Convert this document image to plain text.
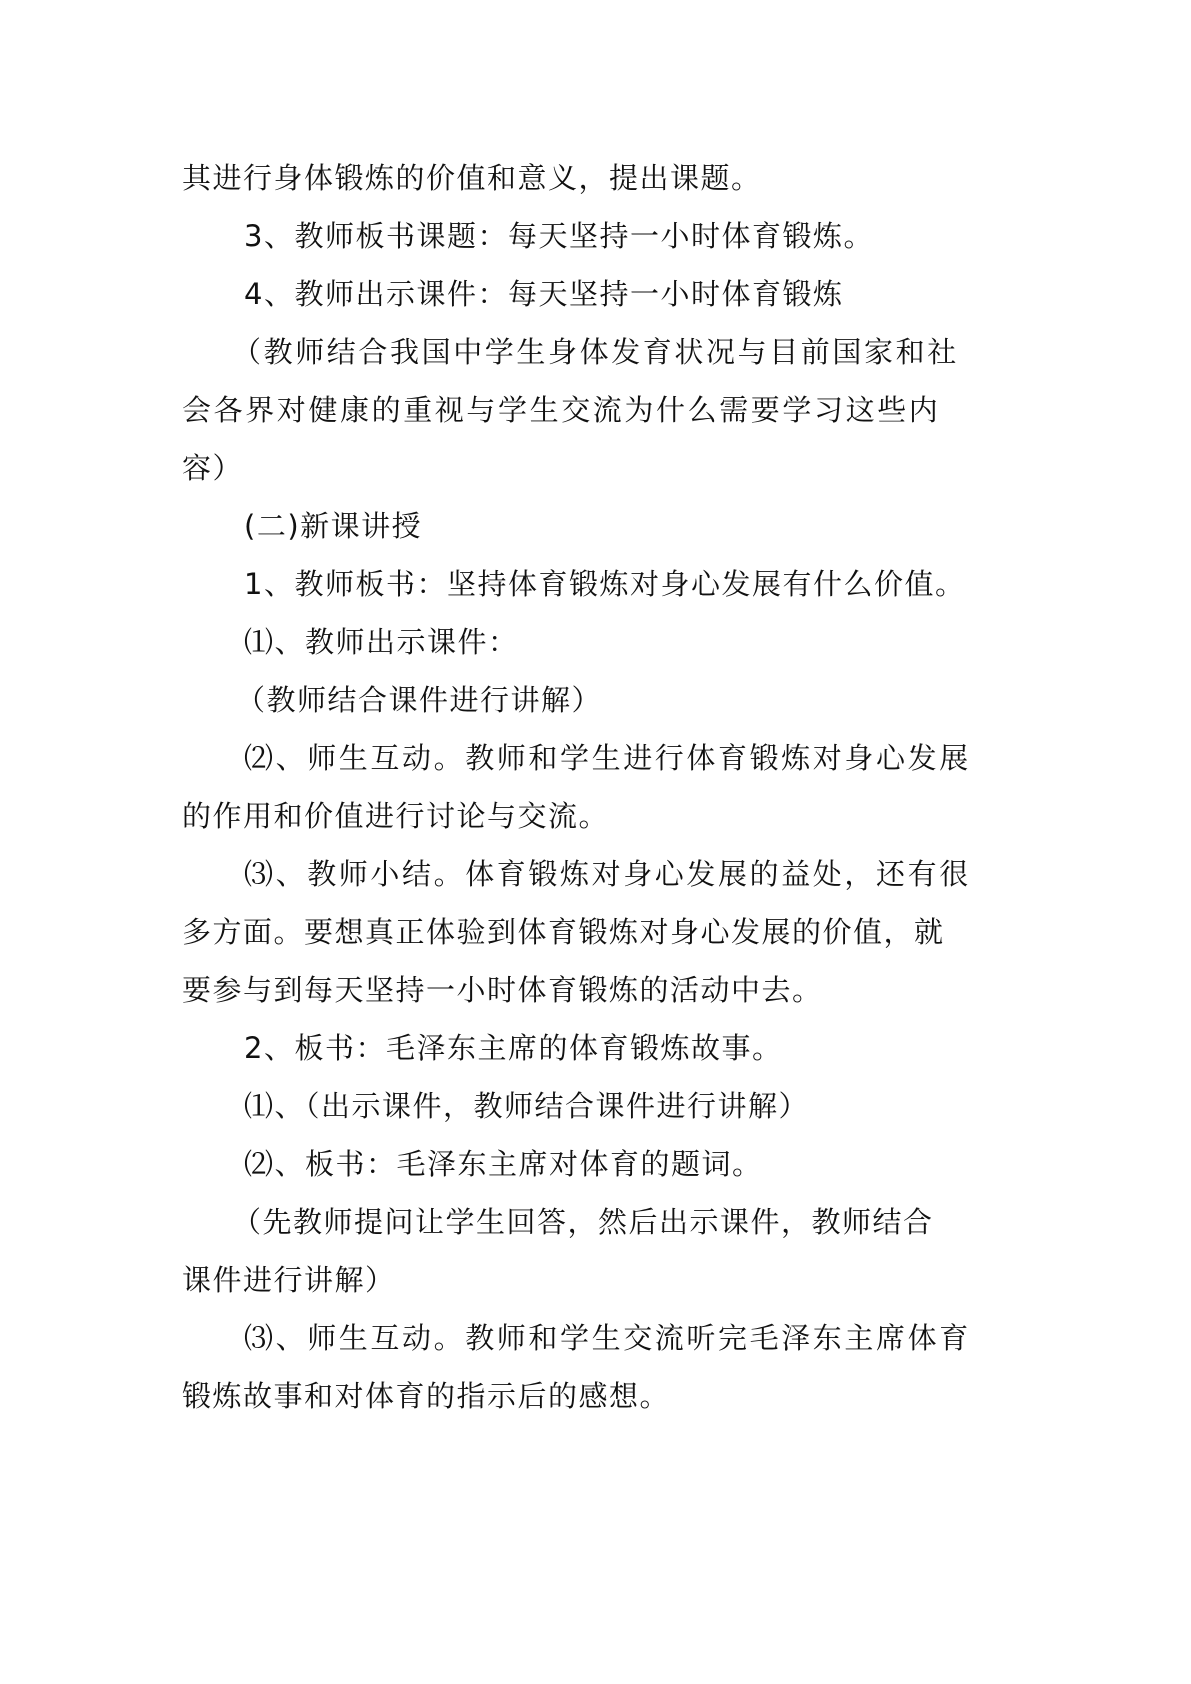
其进行身体锻炼的价值和意义，提出课题。
3、教师板书课题：每天坚持一小时体育锻炼。
4、教师出示课件：每天坚持一小时体育锻炼
（教师结合我国中学生身体发育状况与目前国家和社
会各界对健康的重视与学生交流为什么需要学习这些内
容）
(二)新课讲授
1、教师板书：坚持体育锻炼对身心发展有什么价值。
⑴、教师出示课件：
（教师结合课件进行讲解）
⑵、师生互动。教师和学生进行体育锻炼对身心发展
的作用和价值进行讨论与交流。
⑶、教师小结。体育锻炼对身心发展的益处，还有很
多方面。要想真正体验到体育锻炼对身心发展的价值，就
要参与到每天坚持一小时体育锻炼的活动中去。
2、板书：毛泽东主席的体育锻炼故事。
⑴、（出示课件，教师结合课件进行讲解）
⑵、板书：毛泽东主席对体育的题词。
（先教师提问让学生回答，然后出示课件，教师结合
课件进行讲解）
⑶、师生互动。教师和学生交流听完毛泽东主席体育
锻炼故事和对体育的指示后的感想。
